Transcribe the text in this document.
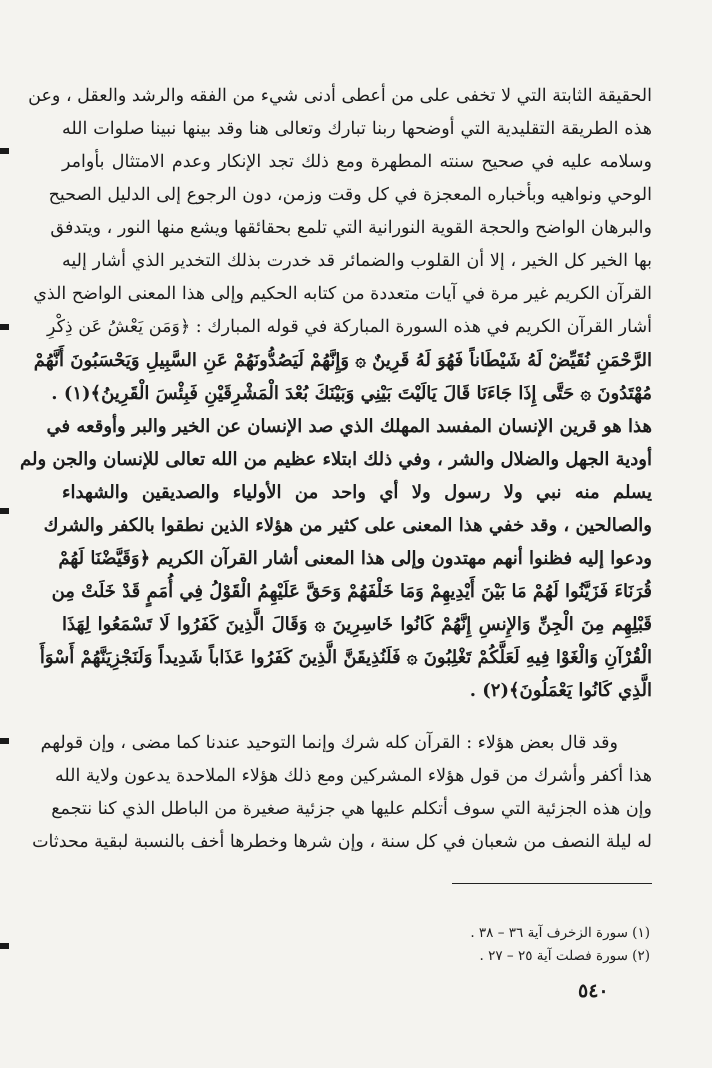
الحقيقة الثابتة التي لا تخفى على من أعطى أدنى شيء من الفقه والرشد والعقل ، وعن
هذه الطريقة التقليدية التي أوضحها ربنا تبارك وتعالى هنا وقد بينها نبينا صلوات الله
وسلامه عليه في صحيح سنته المطهرة ومع ذلك تجد الإنكار وعدم الامتثال بأوامر
الوحي ونواهيه وبأخباره المعجزة في كل وقت وزمن، دون الرجوع إلى الدليل الصحيح
والبرهان الواضح والحجة القوية النورانية التي تلمع بحقائقها ويشع منها النور ، ويتدفق
بها الخير كل الخير ، إلا أن القلوب والضمائر قد خدرت بذلك التخدير الذي أشار إليه
القرآن الكريم غير مرة في آيات متعددة من كتابه الحكيم وإلى هذا المعنى الواضح الذي
أشار القرآن الكريم في هذه السورة المباركة في قوله المبارك : ﴿وَمَن يَعْشُ عَن ذِكْرِ
الرَّحْمَنِ نُقَيِّضْ لَهُ شَيْطَاناً فَهُوَ لَهُ قَرِينٌ ۞ وَإِنَّهُمْ لَيَصُدُّونَهُمْ عَنِ السَّبِيلِ وَيَحْسَبُونَ أَنَّهُمْ
مُهْتَدُونَ ۞ حَتَّى إِذَا جَاءَنَا قَالَ يَالَيْتَ بَيْنِي وَبَيْنَكَ بُعْدَ الْمَشْرِقَيْنِ فَبِئْسَ الْقَرِينُ﴾(١) .
هذا هو قرين الإنسان المفسد المهلك الذي صد الإنسان عن الخير والبر وأوقعه في
أودية الجهل والضلال والشر ، وفي ذلك ابتلاء عظيم من الله تعالى للإنسان والجن ولم
يسلم منه نبي ولا رسول ولا أي واحد من الأولياء والصديقين والشهداء
والصالحين ، وقد خفي هذا المعنى على كثير من هؤلاء الذين نطقوا بالكفر والشرك
ودعوا إليه فظنوا أنهم مهتدون وإلى هذا المعنى أشار القرآن الكريم ﴿وَقَيَّضْنَا لَهُمْ
قُرَنَاءَ فَزَيَّنُوا لَهُمْ مَا بَيْنَ أَيْدِيهِمْ وَمَا خَلْفَهُمْ وَحَقَّ عَلَيْهِمُ الْقَوْلُ فِي أُمَمٍ قَدْ خَلَتْ مِن
قَبْلِهِم مِنَ الْجِنِّ وَالإِنسِ إِنَّهُمْ كَانُوا خَاسِرِينَ ۞ وَقَالَ الَّذِينَ كَفَرُوا لَا تَسْمَعُوا لِهَذَا
الْقُرْآنِ وَالْغَوْا فِيهِ لَعَلَّكُمْ تَغْلِبُونَ ۞ فَلَنُذِيقَنَّ الَّذِينَ كَفَرُوا عَذَاباً شَدِيداً وَلَنَجْزِيَنَّهُمْ أَسْوَأَ
الَّذِي كَانُوا يَعْمَلُونَ﴾(٢) .
وقد قال بعض هؤلاء : القرآن كله شرك وإنما التوحيد عندنا كما مضى ، وإن قولهم
هذا أكفر وأشرك من قول هؤلاء المشركين ومع ذلك هؤلاء الملاحدة يدعون ولاية الله
وإن هذه الجزئية التي سوف أتكلم عليها هي جزئية صغيرة من الباطل الذي كنا نتجمع
له ليلة النصف من شعبان في كل سنة ، وإن شرها وخطرها أخف بالنسبة لبقية محدثات
(١) سورة الزخرف آية ٣٦ – ٣٨ .
(٢) سورة فصلت آية ٢٥ – ٢٧ .
٥٤٠
